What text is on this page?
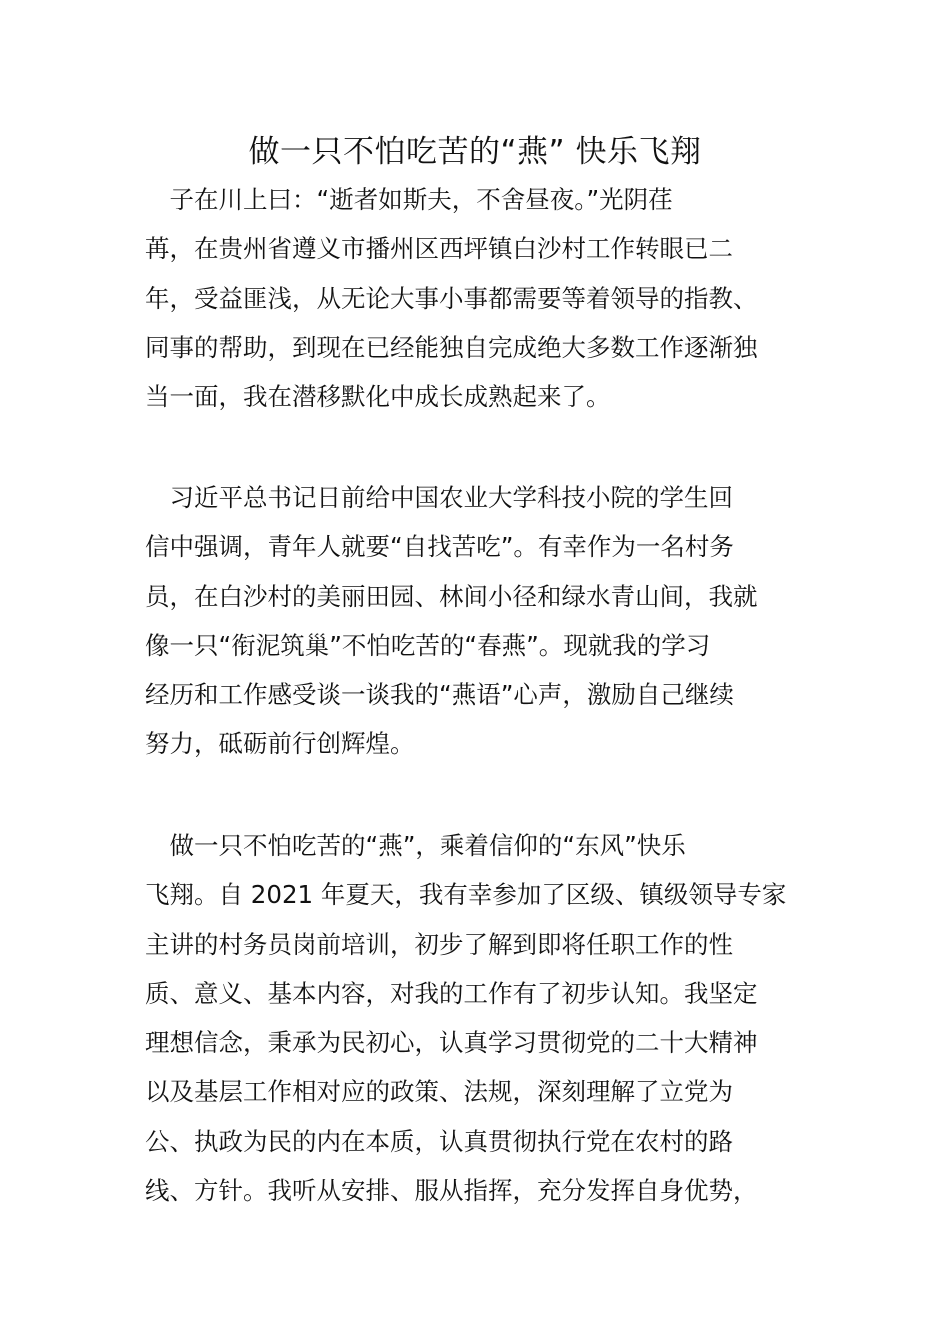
做一只不怕吃苦的“燕” 快乐飞翔
　子在川上曰：“逝者如斯夫，不舍昼夜。”光阴荏
苒，在贵州省遵义市播州区西坪镇白沙村工作转眼已二
年，受益匪浅，从无论大事小事都需要等着领导的指教、
同事的帮助，到现在已经能独自完成绝大多数工作逐渐独
当一面，我在潜移默化中成长成熟起来了。
　习近平总书记日前给中国农业大学科技小院的学生回
信中强调，青年人就要“自找苦吃”。有幸作为一名村务
员，在白沙村的美丽田园、林间小径和绿水青山间，我就
像一只“衔泥筑巢”不怕吃苦的“春燕”。现就我的学习
经历和工作感受谈一谈我的“燕语”心声，激励自己继续
努力，砥砺前行创辉煌。
　做一只不怕吃苦的“燕”，乘着信仰的“东风”快乐
飞翔。自 2021 年夏天，我有幸参加了区级、镇级领导专家
主讲的村务员岗前培训，初步了解到即将任职工作的性
质、意义、基本内容，对我的工作有了初步认知。我坚定
理想信念，秉承为民初心，认真学习贯彻党的二十大精神
以及基层工作相对应的政策、法规，深刻理解了立党为
公、执政为民的内在本质，认真贯彻执行党在农村的路
线、方针。我听从安排、服从指挥，充分发挥自身优势，
